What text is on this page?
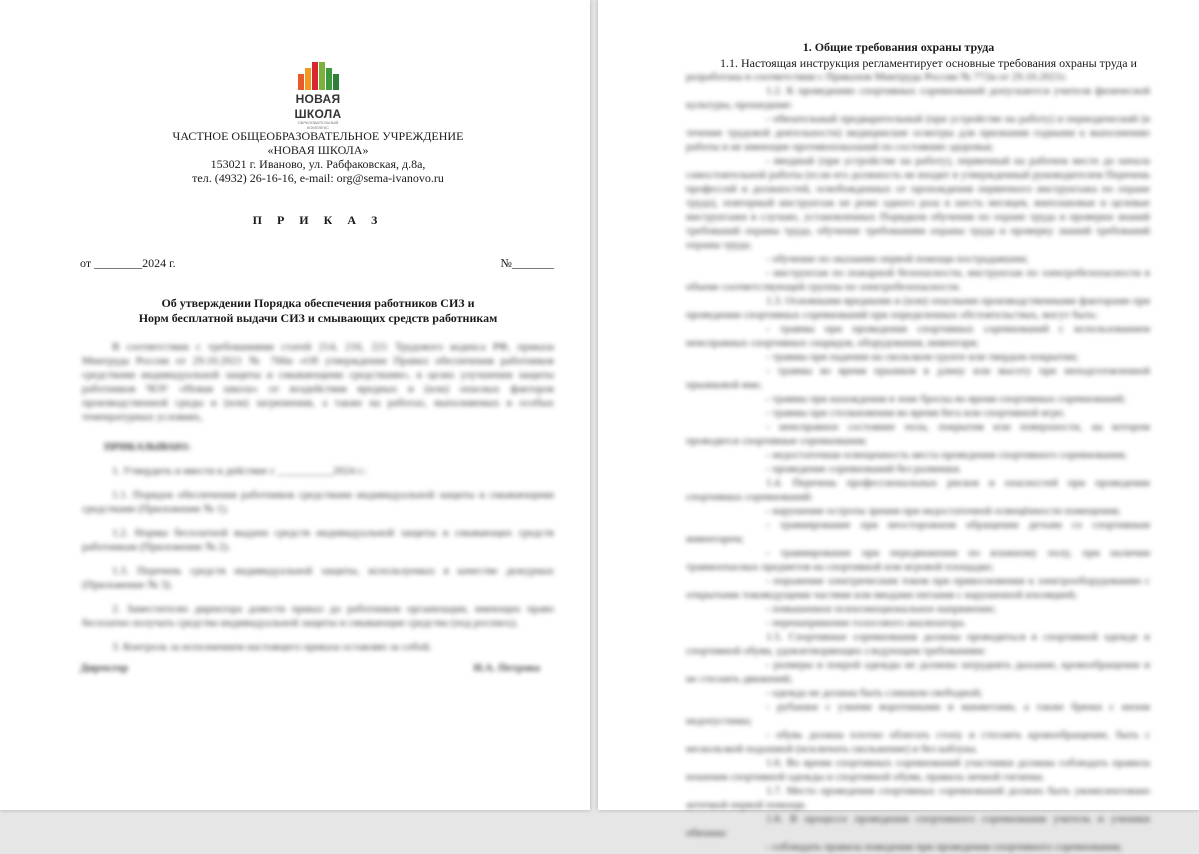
НОВАЯ
ШКОЛА
ОБРАЗОВАТЕЛЬНЫЙ КОМПЛЕКС
ЧАСТНОЕ ОБЩЕОБРАЗОВАТЕЛЬНОЕ УЧРЕЖДЕНИЕ
«НОВАЯ ШКОЛА»
153021 г. Иваново, ул. Рабфаковская, д.8а,
тел. (4932) 26-16-16, e-mail: org@sema-ivanovo.ru
П Р И К А З
от ________2024 г.	№_______
Об утверждении Порядка обеспечения работников СИЗ и
Норм бесплатной выдачи СИЗ и смывающих средств работникам

В соответствии с требованиями статей 214, 216, 221 Трудового кодекса РФ, приказа Минтруда России от 29.10.2021 № 766н «Об утверждении Правил обеспечения работников средствами индивидуальной защиты и смывающими средствами», в целях улучшения защиты работников ЧОУ «Новая школа» от воздействия вредных и (или) опасных факторов производственной среды и (или) загрязнения, а также на работах, выполняемых в особых температурных условиях,

ПРИКАЗЫВАЮ:

1. Утвердить и ввести в действие с __________2024 г.:

1.1. Порядок обеспечения работников средствами индивидуальной защиты и смывающими средствами (Приложение № 1).

1.2. Нормы бесплатной выдачи средств индивидуальной защиты и смывающих средств работникам (Приложение № 2).

1.3. Перечень средств индивидуальной защиты, используемых в качестве дежурных (Приложение № 3).

2. Заместителю директора довести приказ до работников организации, имеющих право бесплатно получать средства индивидуальной защиты и смывающие средства (под роспись).

3. Контроль за исполнением настоящего приказа оставляю за собой.

Директор	И.А. Петрова
1. Общие требования охраны труда
1.1. Настоящая инструкция регламентирует основные требования охраны труда и

разработана в соответствии с Приказом Минтруда России № 772н от 29.10.2021г.

1.2. К проведению спортивных соревнований допускаются учителя физической культуры, прошедшие:

- обязательный предварительный (при устройстве на работу) и периодический (в течение трудовой деятельности) медицинские осмотры для признания годными к выполнению работы и не имеющие противопоказаний по состоянию здоровья;

- вводный (при устройстве на работу), первичный на рабочем месте до начала самостоятельной работы (если его должность не входит в утвержденный руководителем Перечень профессий и должностей, освобожденных от прохождения первичного инструктажа по охране труда), повторный инструктаж не реже одного раза в шесть месяцев, внеплановые и целевые инструктажи в случаях, установленных Порядком обучения по охране труда и проверки знаний требований охраны труда, обучение требованиям охраны труда и проверку знаний требований охраны труда;

- обучение по оказанию первой помощи пострадавшим;

- инструктаж по пожарной безопасности, инструктаж по электробезопасности в объеме соответствующей группы по электробезопасности.

1.3. Основными вредными и (или) опасными производственными факторами при проведении спортивных соревнований при определенных обстоятельствах, могут быть:

- травмы при проведении спортивных соревнований с использованием неисправных спортивных снарядов, оборудования, инвентаря;

- травмы при падении на скользком грунте или твердом покрытии;

- травмы во время прыжков в длину или высоту при неподготовленной прыжковой яме;

- травмы при нахождении в зоне броска во время спортивных соревнований;

- травмы при столкновении во время бега или спортивной игре;

- неисправное состояние пола, покрытия или поверхности, на котором проводятся спортивные соревнования;

- недостаточная освещенность места проведения спортивного соревнования;

- проведение соревнований без разминки.

1.4. Перечень профессиональных рисков и опасностей при проведении спортивных соревнований:

- нарушение остроты зрения при недостаточной освещённости помещения;

- травмирование при неосторожном обращении детьми со спортивным инвентарем;

- травмирование при передвижении по влажному полу, при наличии травмоопасных предметов на спортивной или игровой площадке;

- поражение электрическим током при прикосновении к электрооборудованию с открытыми токоведущими частями или вводами питания с нарушенной изоляцией;

- повышенное психоэмоциональное напряжение;

- перенапряжение голосового анализатора.

1.5. Спортивные соревнования должны проводиться в спортивной одежде и спортивной обуви, удовлетворяющих следующим требованиям:

- размеры и покрой одежды не должны затруднять дыхание, кровообращение и не стеснять движений;

- одежда не должна быть слишком свободной;

- рубашки с узкими воротниками и манжетами, а также брюки с низом недопустимы;

- обувь должна плотно облегать стопу и стеснять кровообращение, быть с нескользкой подошвой (исключать скольжение) и без каблука.

1.6. Во время спортивных соревнований участники должны соблюдать правила ношения спортивной одежды и спортивной обуви, правила личной гигиены.

1.7. Место проведения спортивных соревнований должно быть укомплектовано аптечкой первой помощи.

1.8. В процессе проведения спортивного соревнования учитель и ученики обязаны:

- соблюдать правила поведения при проведении спортивного соревнования;
